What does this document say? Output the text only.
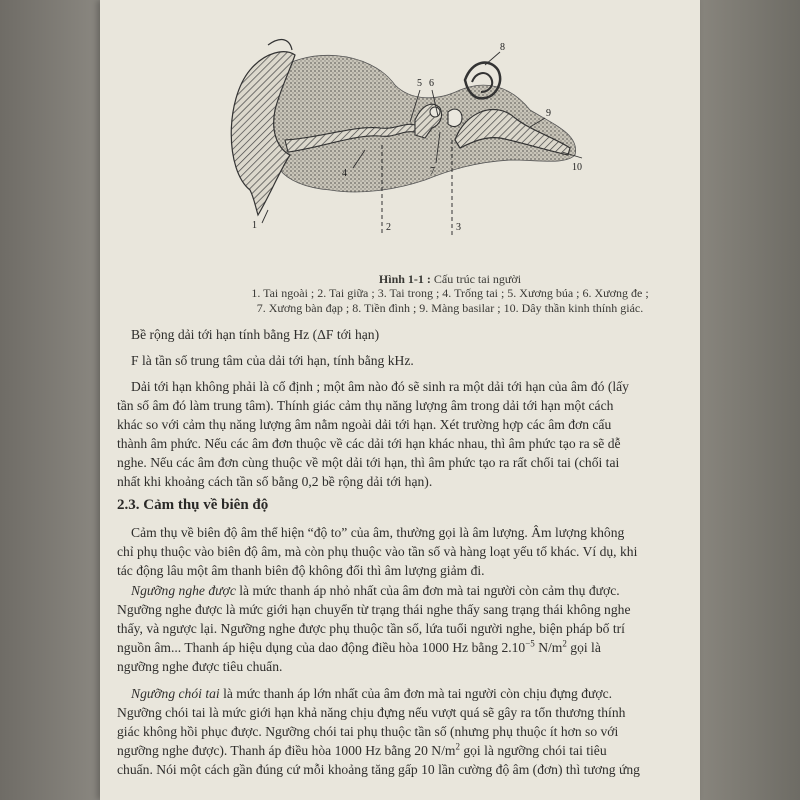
1	2	3
4
5 6
7
8
9
10
Hình 1-1 : Cấu trúc tai người
1. Tai ngoài ; 2. Tai giữa ; 3. Tai trong ; 4. Trống tai ; 5. Xương búa ; 6. Xương đe ;
7. Xương bàn đạp ; 8. Tiền đình ; 9. Màng basilar ; 10. Dây thần kinh thính giác.
Bề rộng dải tới hạn tính bằng Hz (ΔF tới hạn)
F là tần số trung tâm của dải tới hạn, tính bằng kHz.
Dải tới hạn không phải là cố định ; một âm nào đó sẽ sinh ra một dải tới hạn của âm đó (lấy
tần số âm đó làm trung tâm). Thính giác cảm thụ năng lượng âm trong dải tới hạn một cách
khác so với cảm thụ năng lượng âm nằm ngoài dải tới hạn. Xét trường hợp các âm đơn cấu
thành âm phức. Nếu các âm đơn thuộc về các dải tới hạn khác nhau, thì âm phức tạo ra sẽ dễ
nghe. Nếu các âm đơn cùng thuộc về một dải tới hạn, thì âm phức tạo ra rất chối tai (chối tai
nhất khi khoảng cách tần số bằng 0,2 bề rộng dải tới hạn).
2.3. Cảm thụ về biên độ
Cảm thụ về biên độ âm thể hiện “độ to” của âm, thường gọi là âm lượng. Âm lượng không
chỉ phụ thuộc vào biên độ âm, mà còn phụ thuộc vào tần số và hàng loạt yếu tố khác. Ví dụ, khi
tác động lâu một âm thanh biên độ không đổi thì âm lượng giảm đi.
Ngưỡng nghe được là mức thanh áp nhỏ nhất của âm đơn mà tai người còn cảm thụ được.
Ngưỡng nghe được là mức giới hạn chuyển từ trạng thái nghe thấy sang trạng thái không nghe
thấy, và ngược lại. Ngưỡng nghe được phụ thuộc tần số, lứa tuổi người nghe, biện pháp bố trí
nguồn âm... Thanh áp hiệu dụng của dao động điều hòa 1000 Hz bằng $2.10^{-5}$ $N/m^2$ gọi là
ngưỡng nghe được tiêu chuẩn.
Ngưỡng chói tai là mức thanh áp lớn nhất của âm đơn mà tai người còn chịu đựng được.
Ngưỡng chói tai là mức giới hạn khả năng chịu đựng nếu vượt quá sẽ gây ra tổn thương thính
giác không hồi phục được. Ngưỡng chói tai phụ thuộc tần số (nhưng phụ thuộc ít hơn so với
ngưỡng nghe được). Thanh áp điều hòa 1000 Hz bằng 20 $N/m^2$ gọi là ngưỡng chói tai tiêu
chuẩn. Nói một cách gần đúng cứ mỗi khoảng tăng gấp 10 lần cường độ âm (đơn) thì tương ứng
